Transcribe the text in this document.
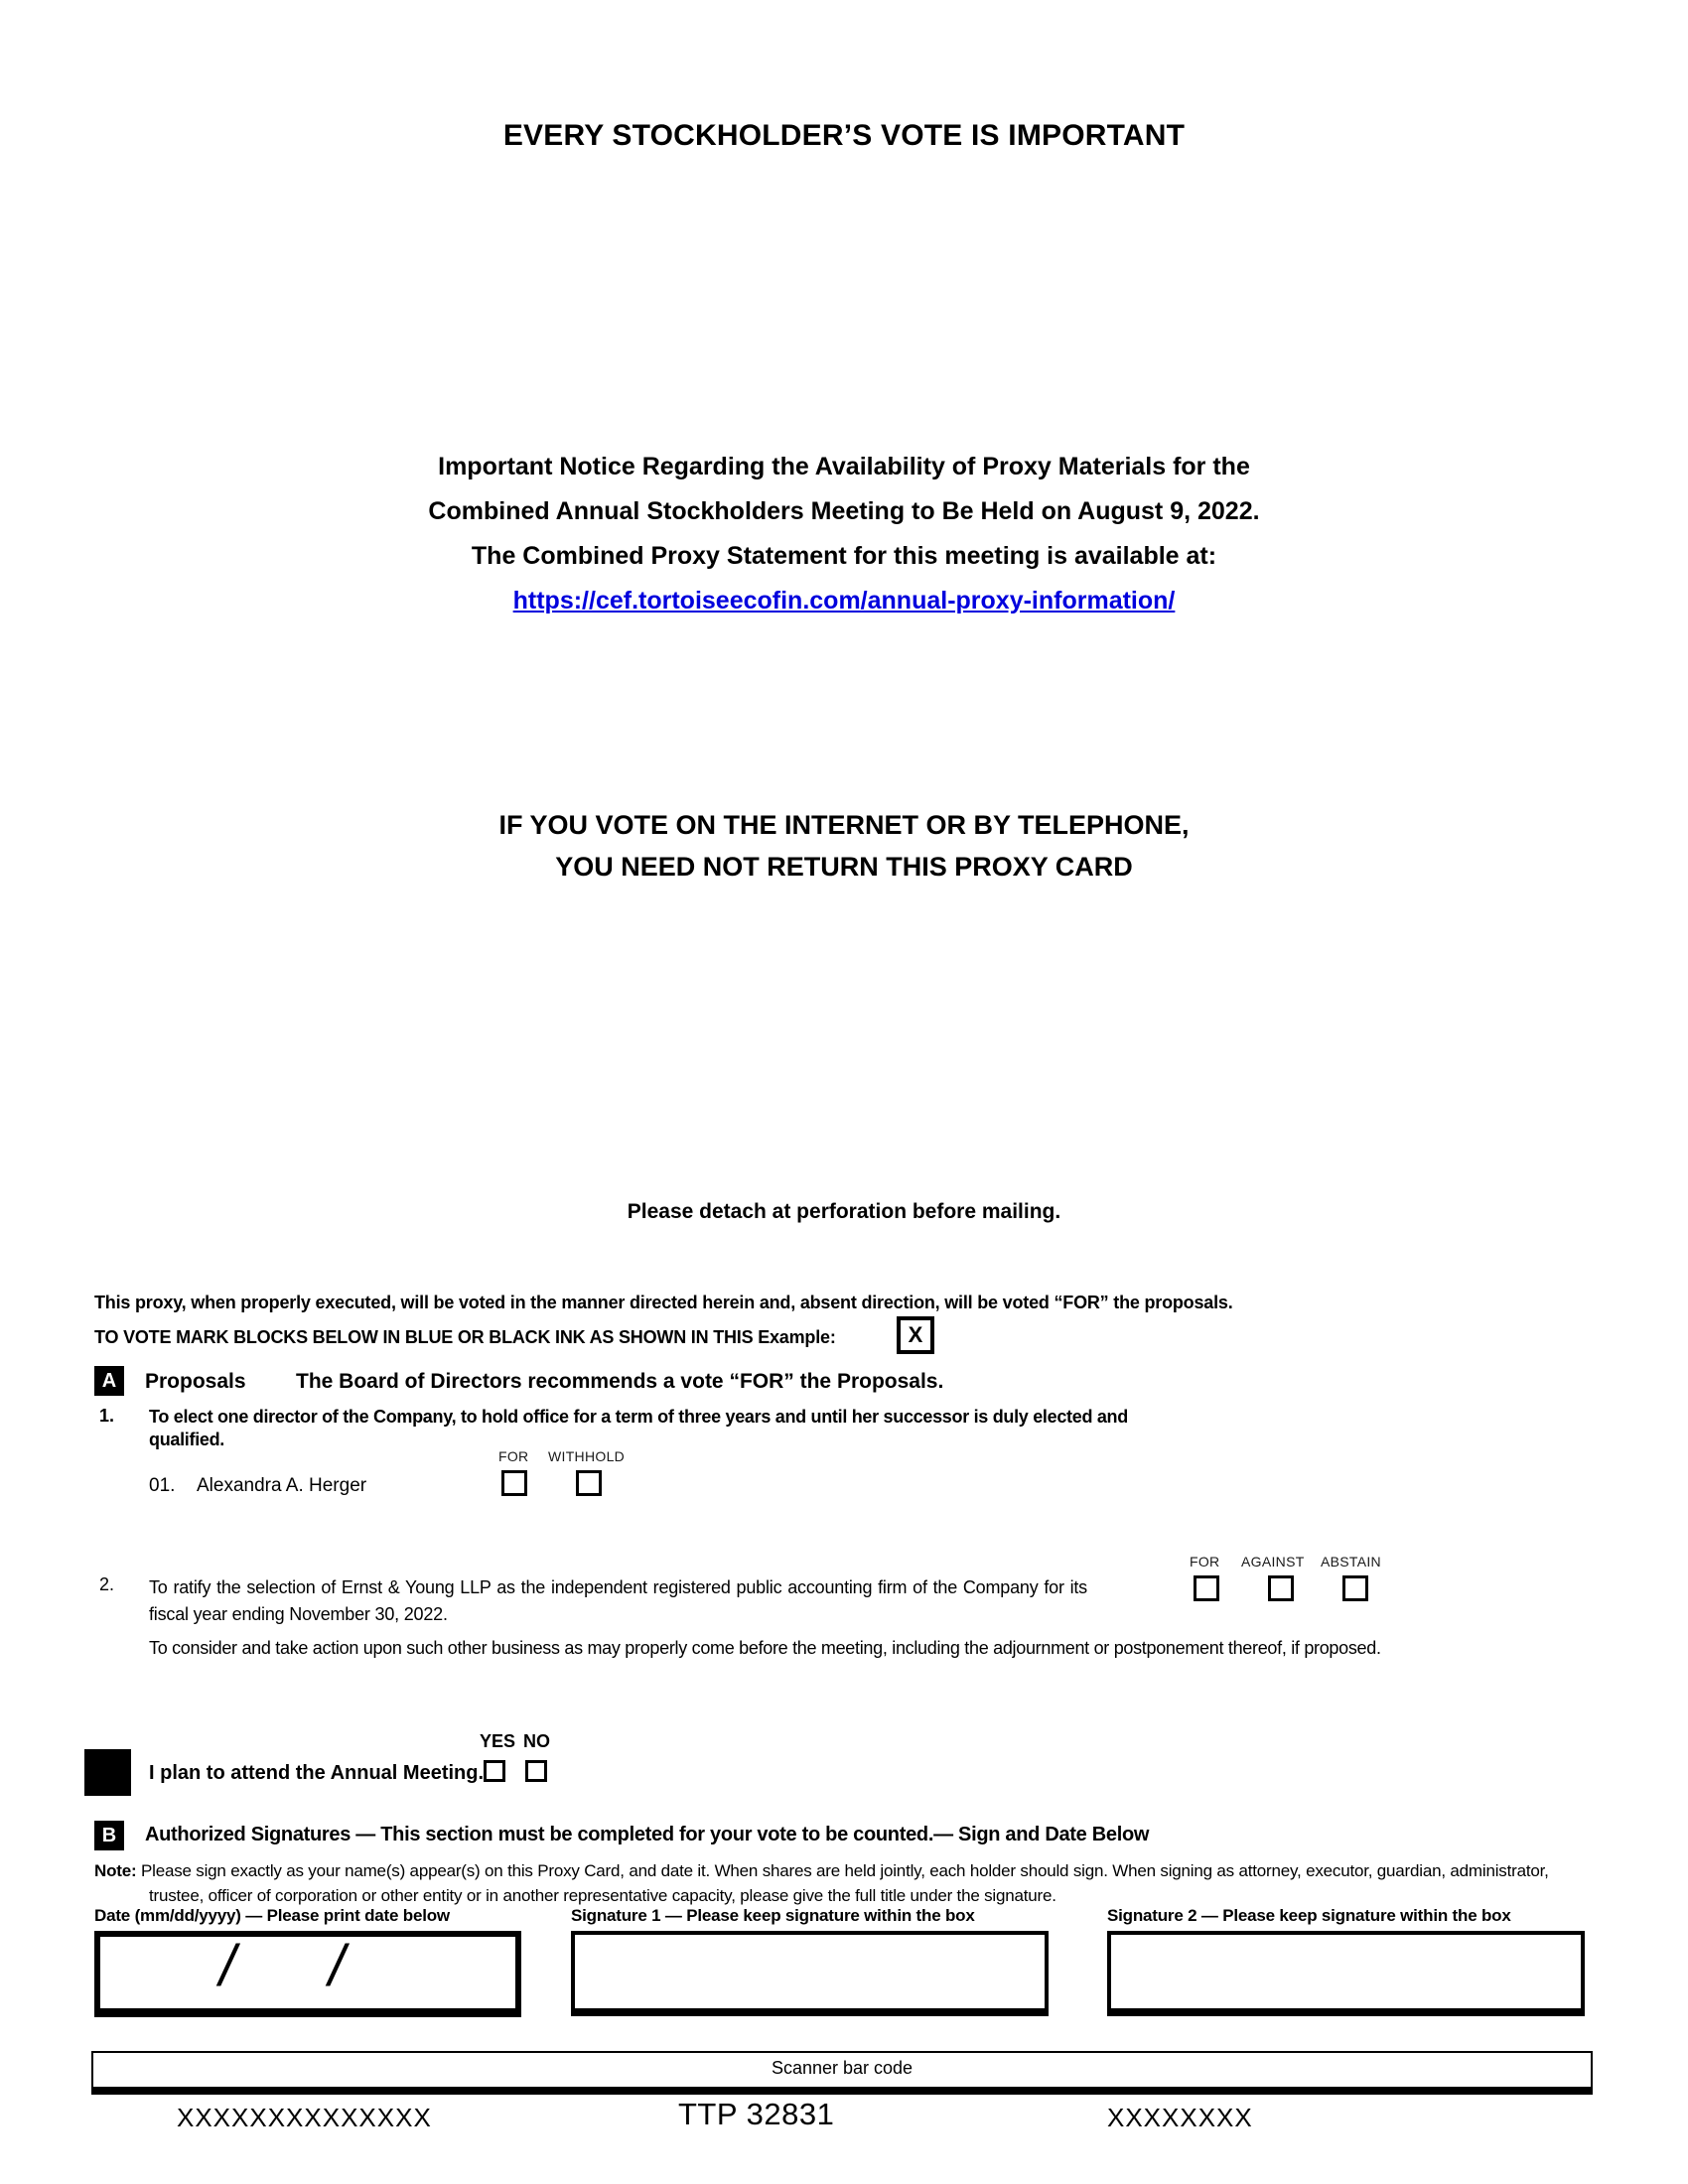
EVERY STOCKHOLDER’S VOTE IS IMPORTANT
Important Notice Regarding the Availability of Proxy Materials for the
Combined Annual Stockholders Meeting to Be Held on August 9, 2022.
The Combined Proxy Statement for this meeting is available at:
https://cef.tortoiseecofin.com/annual-proxy-information/
IF YOU VOTE ON THE INTERNET OR BY TELEPHONE,
YOU NEED NOT RETURN THIS PROXY CARD
Please detach at perforation before mailing.
This proxy, when properly executed, will be voted in the manner directed herein and, absent direction, will be voted “FOR” the proposals.
TO VOTE MARK BLOCKS BELOW IN BLUE OR BLACK INK AS SHOWN IN THIS Example:	X
A	Proposals The Board of Directors recommends a vote “FOR” the Proposals.
1. To elect one director of the Company, to hold office for a term of three years and until her successor is duly elected and qualified.
FOR WITHHOLD
01. Alexandra A. Herger
FOR AGAINST ABSTAIN
2. To ratify the selection of Ernst & Young LLP as the independent registered public accounting firm of the Company for its fiscal year ending November 30, 2022.
To consider and take action upon such other business as may properly come before the meeting, including the adjournment or postponement thereof, if proposed.
YES NO
I plan to attend the Annual Meeting.
B	Authorized Signatures — This section must be completed for your vote to be counted.— Sign and Date Below
Note: Please sign exactly as your name(s) appear(s) on this Proxy Card, and date it. When shares are held jointly, each holder should sign. When signing as attorney, executor, guardian, administrator, trustee, officer of corporation or other entity or in another representative capacity, please give the full title under the signature.
Date (mm/dd/yyyy) — Please print date below	Signature 1 — Please keep signature within the box	Signature 2 — Please keep signature within the box
/ /
Scanner bar code
XXXXXXXXXXXXXX	TTP 32831	XXXXXXXX
